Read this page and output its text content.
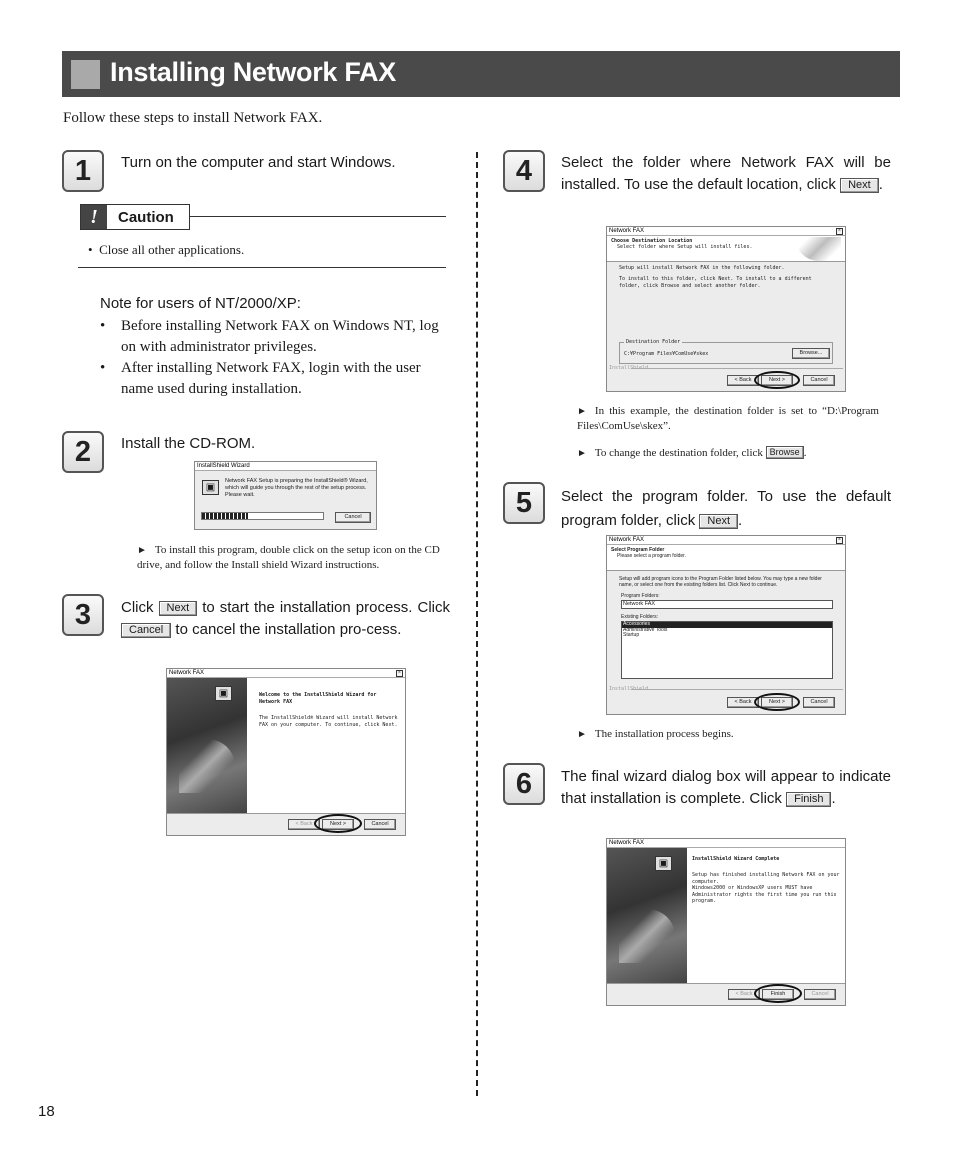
Installing Network FAX
Follow these steps to install Network FAX.
1	Turn on the computer and start Windows.
!	Caution
•  Close all other applications.
Note for users of NT/2000/XP:
• Before installing Network FAX on Windows NT, log on with administrator privileges.
• After installing Network FAX, login with the user name used during installation.
2	Install the CD-ROM.
InstallShield Wizard
▣
Network FAX Setup is preparing the InstallShield® Wizard, which will guide you through the rest of the setup process. Please wait.
Cancel
► To install this program, double click on the setup icon on the CD drive, and follow the Install shield Wizard instructions.
3	Click Next to start the installation process. Click Cancel to cancel the installation pro-cess.
Network FAX	×
▣	Welcome to the InstallShield Wizard for Network FAX
The InstallShield® Wizard will install Network FAX on your computer. To continue, click Next.
< Back	Next >	Cancel
4	Select the folder where Network FAX will be installed. To use the default location, click Next .
Network FAX	×
Choose Destination Location
Select folder where Setup will install files.
Setup will install Network FAX in the following folder.
To install to this folder, click Next. To install to a different folder, click Browse and select another folder.
Destination Folder
C:¥Program Files¥ComUse¥skex	Browse...
InstallShield
< Back	Next >	Cancel
► In this example, the destination folder is set to “D:\Program Files\ComUse\skex”.
► To change the destination folder, click Browse .
5	Select the program folder. To use the default program folder, click Next .
Network FAX	×
Select Program Folder
Please select a program folder.
Setup will add program icons to the Program Folder listed below. You may type a new folder name, or select one from the existing folders list. Click Next to continue.
Program Folders:
Network FAX
Existing Folders:
Accessories
Administrative Tools
Startup
InstallShield
< Back	Next >	Cancel
► The installation process begins.
6	The final wizard dialog box will appear to indicate that installation is complete. Click Finish .
Network FAX
▣	InstallShield Wizard Complete
Setup has finished installing Network FAX on your computer.
Windows2000 or WindowsXP users MUST have Administrator rights the first time you run this program.
< Back	Finish	Cancel
18
